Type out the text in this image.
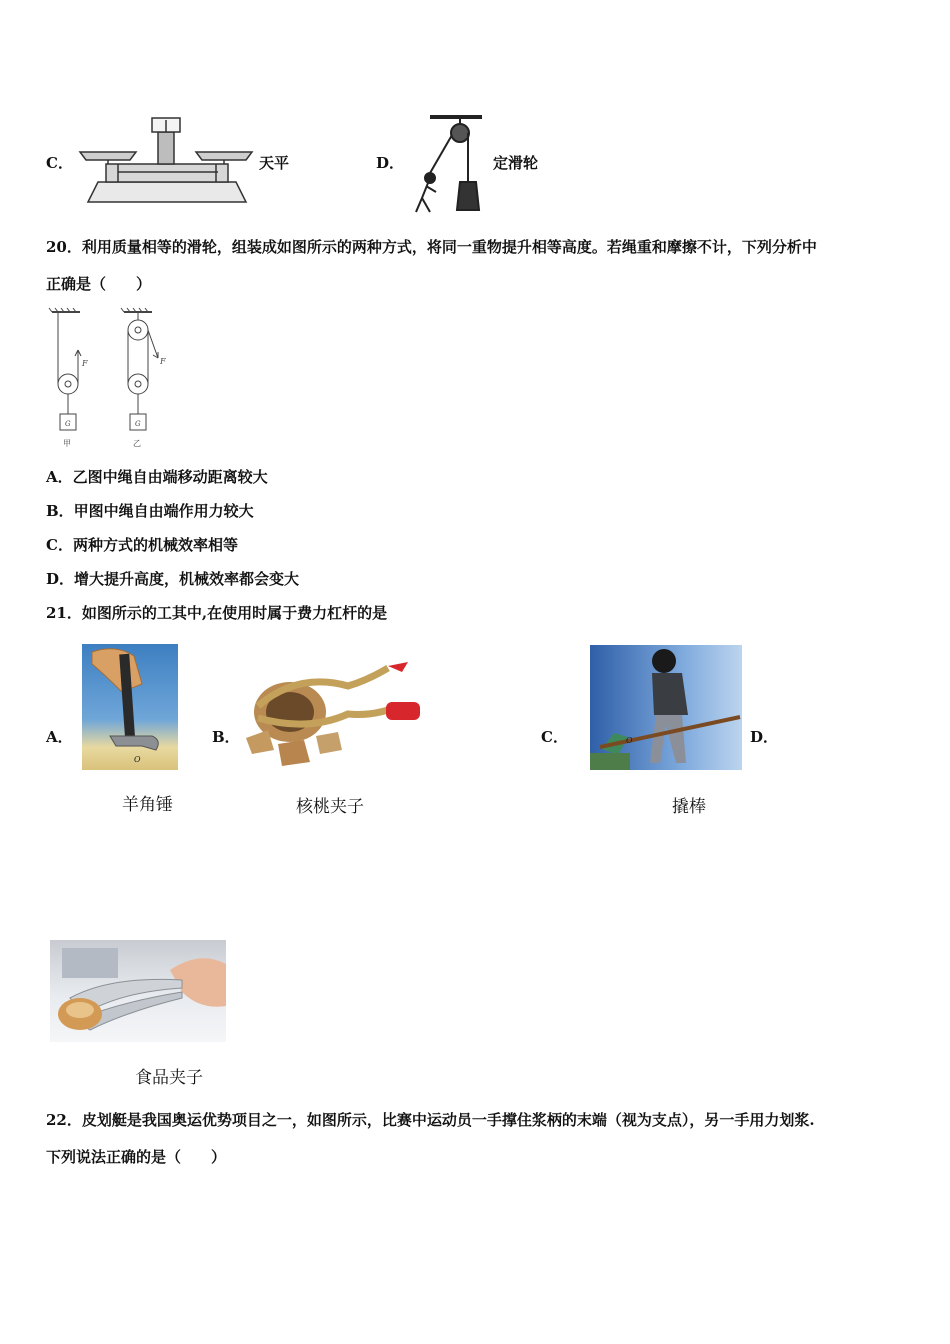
C．	天平	D．	定滑轮
20．利用质量相等的滑轮，组装成如图所示的两种方式，将同一重物提升相等高度。若绳重和摩擦不计，下列分析中
正确是（　　）
F	F
G	G
甲	乙
A．乙图中绳自由端移动距离较大
B．甲图中绳自由端作用力较大
C．两种方式的机械效率相等
D．增大提升高度，机械效率都会变大
21．如图所示的工其中,在使用时属于费力杠杆的是
A．
O
羊角锤
B．
核桃夹子
C．	O	D．
撬棒
食品夹子
22．皮划艇是我国奥运优势项目之一，如图所示，比赛中运动员一手撑住浆柄的末端（视为支点），另一手用力划浆.
下列说法正确的是（　　）
